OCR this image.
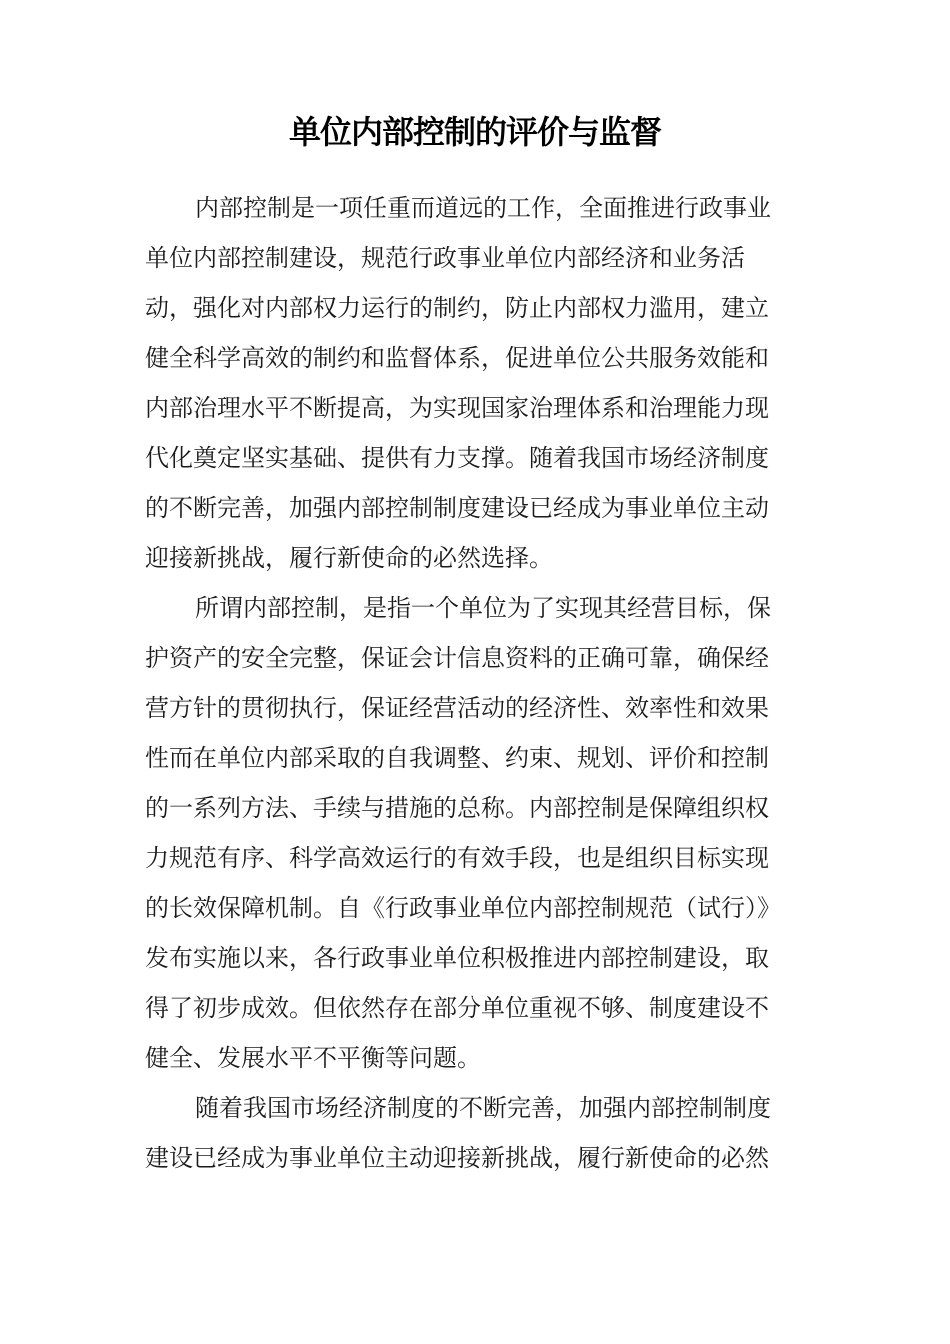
单位内部控制的评价与监督
内部控制是一项任重而道远的工作，全面推进行政事业
单位内部控制建设，规范行政事业单位内部经济和业务活
动，强化对内部权力运行的制约，防止内部权力滥用，建立
健全科学高效的制约和监督体系，促进单位公共服务效能和
内部治理水平不断提高，为实现国家治理体系和治理能力现
代化奠定坚实基础、提供有力支撑。随着我国市场经济制度
的不断完善，加强内部控制制度建设已经成为事业单位主动
迎接新挑战，履行新使命的必然选择。
所谓内部控制，是指一个单位为了实现其经营目标，保
护资产的安全完整，保证会计信息资料的正确可靠，确保经
营方针的贯彻执行，保证经营活动的经济性、效率性和效果
性而在单位内部采取的自我调整、约束、规划、评价和控制
的一系列方法、手续与措施的总称。内部控制是保障组织权
力规范有序、科学高效运行的有效手段，也是组织目标实现
的长效保障机制。自《行政事业单位内部控制规范（试行）》
发布实施以来，各行政事业单位积极推进内部控制建设，取
得了初步成效。但依然存在部分单位重视不够、制度建设不
健全、发展水平不平衡等问题。
随着我国市场经济制度的不断完善，加强内部控制制度
建设已经成为事业单位主动迎接新挑战，履行新使命的必然
